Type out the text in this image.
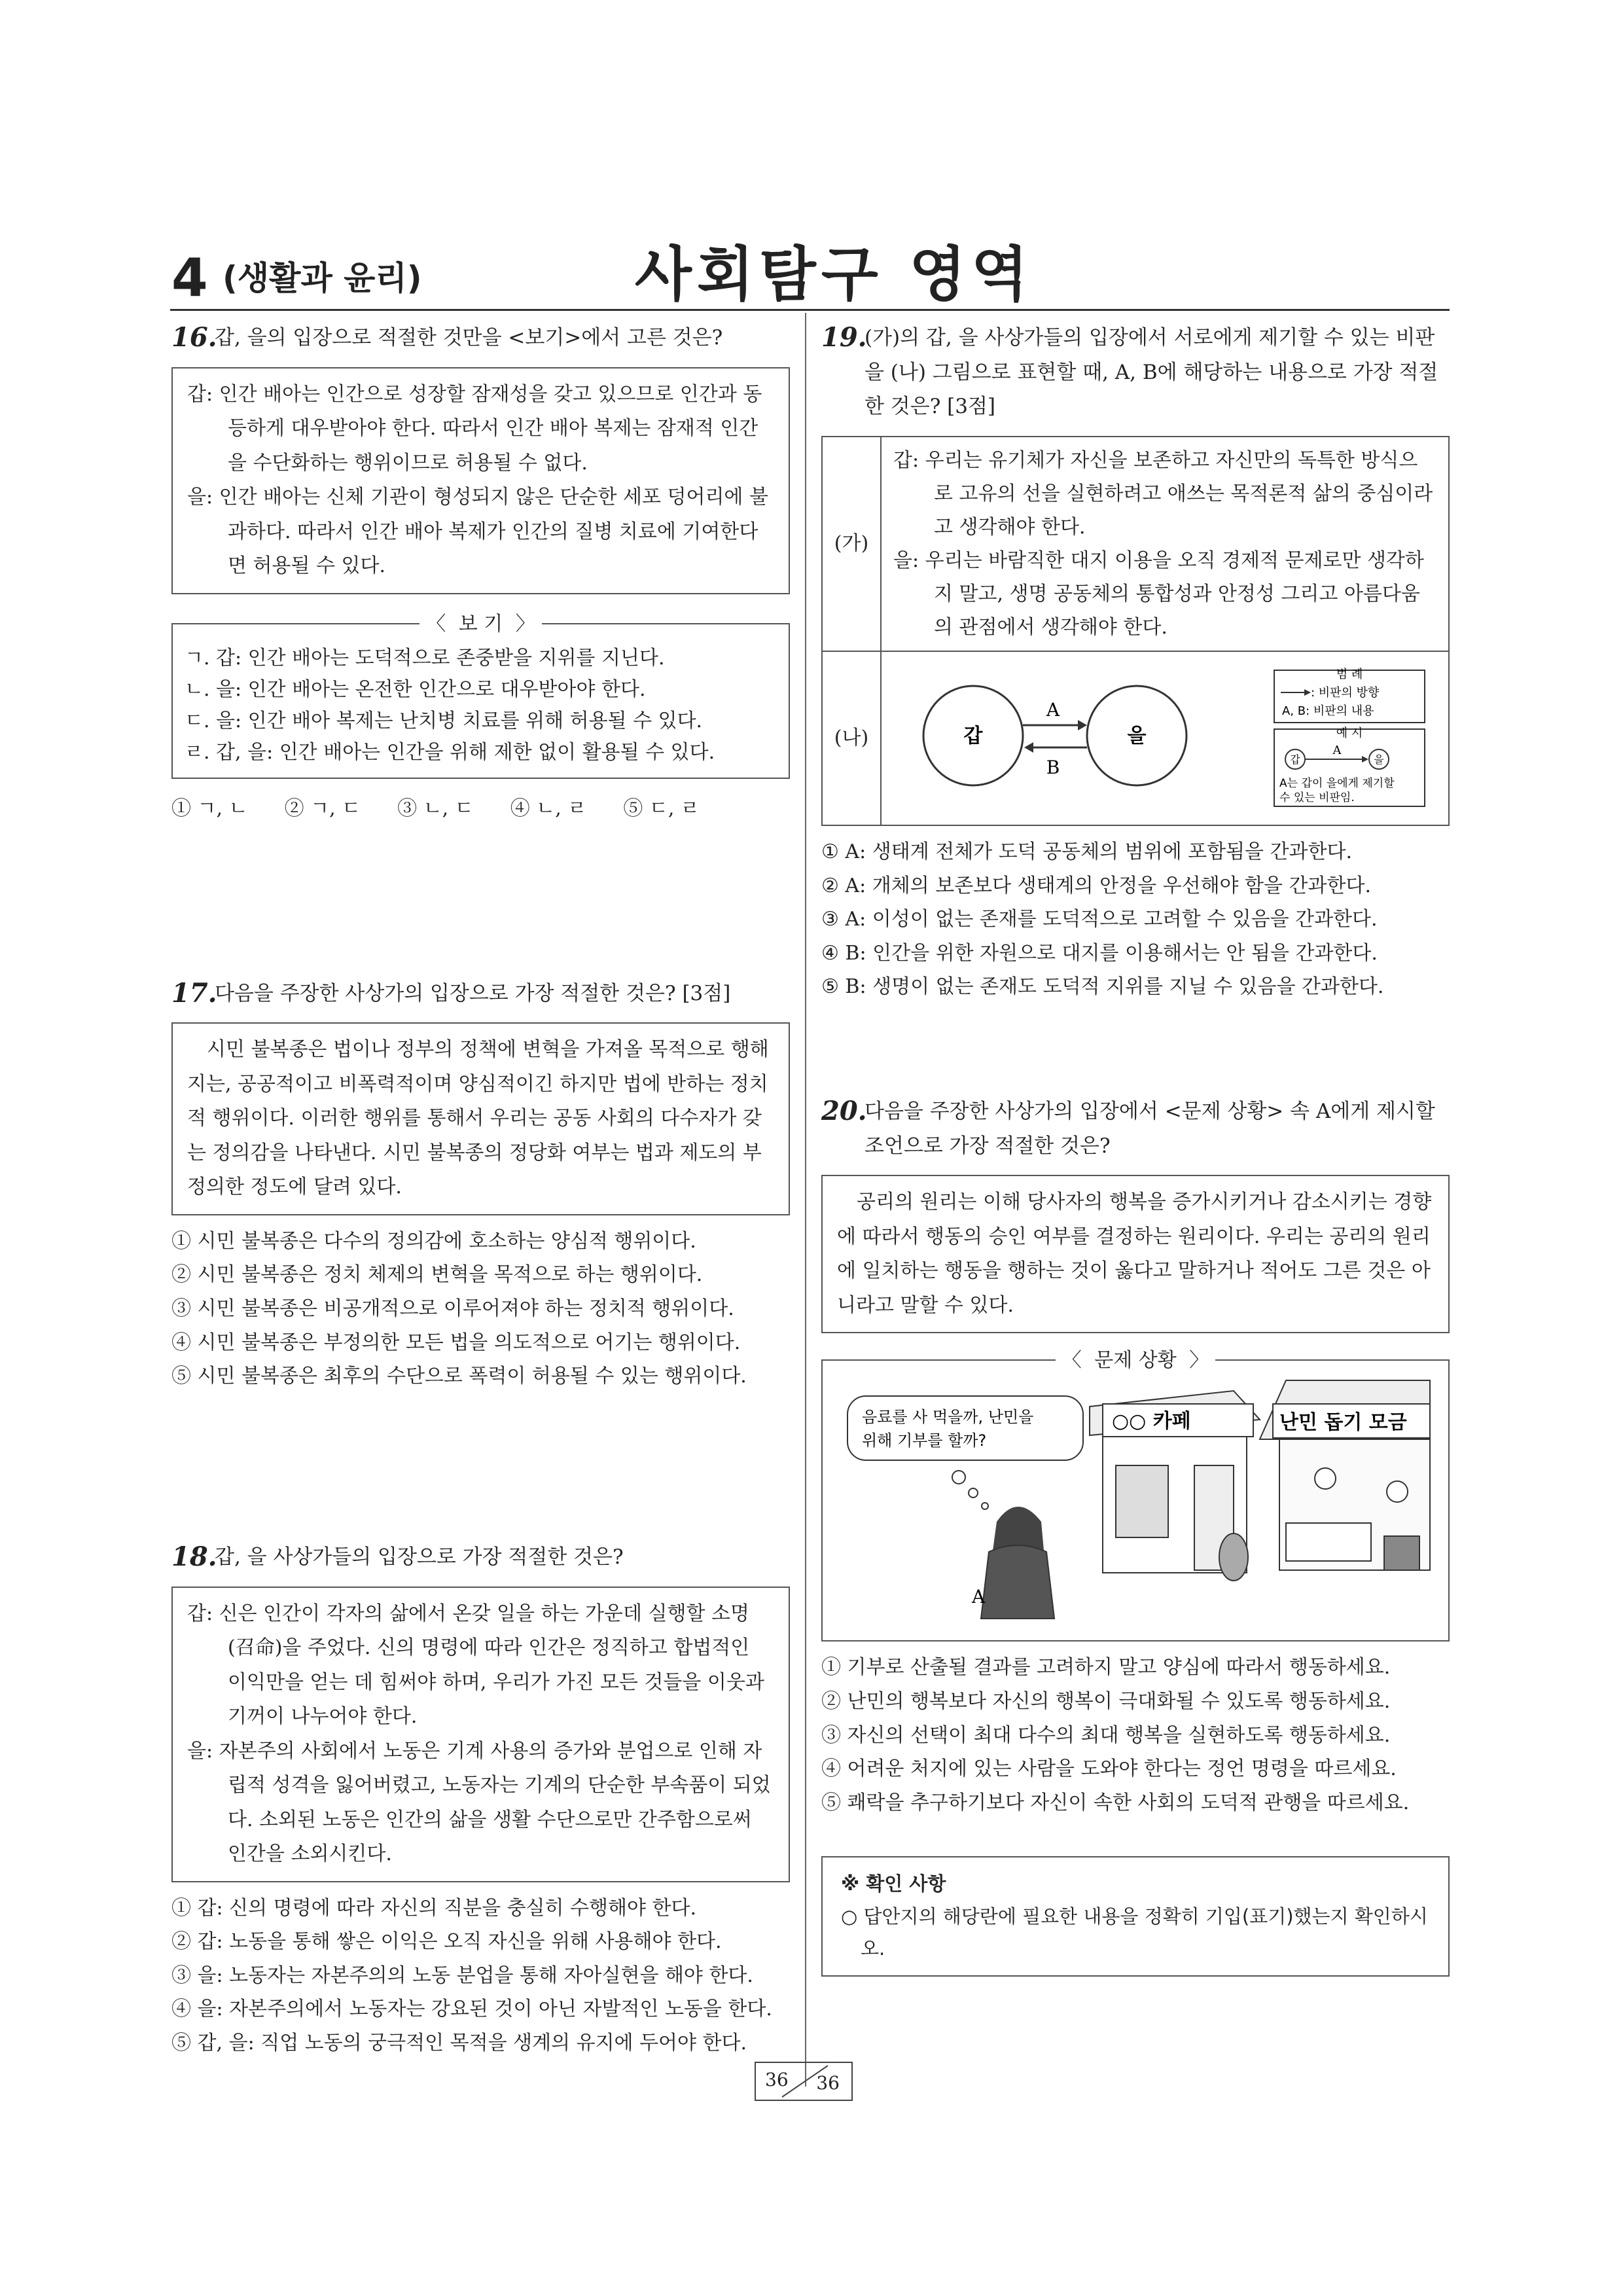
4 (생활과 윤리)	사회탐구 영역
16.
갑, 을의 입장으로 적절한 것만을 <보기>에서 고른 것은?
갑: 인간 배아는 인간으로 성장할 잠재성을 갖고 있으므로 인간과 동등하게 대우받아야 한다. 따라서 인간 배아 복제는 잠재적 인간을 수단화하는 행위이므로 허용될 수 없다.
을: 인간 배아는 신체 기관이 형성되지 않은 단순한 세포 덩어리에 불과하다. 따라서 인간 배아 복제가 인간의 질병 치료에 기여한다면 허용될 수 있다.
〈 보 기 〉
ㄱ. 갑: 인간 배아는 도덕적으로 존중받을 지위를 지닌다.
ㄴ. 을: 인간 배아는 온전한 인간으로 대우받아야 한다.
ㄷ. 을: 인간 배아 복제는 난치병 치료를 위해 허용될 수 있다.
ㄹ. 갑, 을: 인간 배아는 인간을 위해 제한 없이 활용될 수 있다.
① ㄱ, ㄴ ② ㄱ, ㄷ ③ ㄴ, ㄷ ④ ㄴ, ㄹ ⑤ ㄷ, ㄹ
17.
다음을 주장한 사상가의 입장으로 가장 적절한 것은? [3점]
시민 불복종은 법이나 정부의 정책에 변혁을 가져올 목적으로 행해지는, 공공적이고 비폭력적이며 양심적이긴 하지만 법에 반하는 정치적 행위이다. 이러한 행위를 통해서 우리는 공동 사회의 다수자가 갖는 정의감을 나타낸다. 시민 불복종의 정당화 여부는 법과 제도의 부정의한 정도에 달려 있다.
① 시민 불복종은 다수의 정의감에 호소하는 양심적 행위이다.
② 시민 불복종은 정치 체제의 변혁을 목적으로 하는 행위이다.
③ 시민 불복종은 비공개적으로 이루어져야 하는 정치적 행위이다.
④ 시민 불복종은 부정의한 모든 법을 의도적으로 어기는 행위이다.
⑤ 시민 불복종은 최후의 수단으로 폭력이 허용될 수 있는 행위이다.
18.
갑, 을 사상가들의 입장으로 가장 적절한 것은?
갑: 신은 인간이 각자의 삶에서 온갖 일을 하는 가운데 실행할 소명(召命)을 주었다. 신의 명령에 따라 인간은 정직하고 합법적인 이익만을 얻는 데 힘써야 하며, 우리가 가진 모든 것들을 이웃과 기꺼이 나누어야 한다.
을: 자본주의 사회에서 노동은 기계 사용의 증가와 분업으로 인해 자립적 성격을 잃어버렸고, 노동자는 기계의 단순한 부속품이 되었다. 소외된 노동은 인간의 삶을 생활 수단으로만 간주함으로써 인간을 소외시킨다.
① 갑: 신의 명령에 따라 자신의 직분을 충실히 수행해야 한다.
② 갑: 노동을 통해 쌓은 이익은 오직 자신을 위해 사용해야 한다.
③ 을: 노동자는 자본주의의 노동 분업을 통해 자아실현을 해야 한다.
④ 을: 자본주의에서 노동자는 강요된 것이 아닌 자발적인 노동을 한다.
⑤ 갑, 을: 직업 노동의 궁극적인 목적을 생계의 유지에 두어야 한다.
19.
(가)의 갑, 을 사상가들의 입장에서 서로에게 제기할 수 있는 비판을 (나) 그림으로 표현할 때, A, B에 해당하는 내용으로 가장 적절한 것은? [3점]
(가)
갑: 우리는 유기체가 자신을 보존하고 자신만의 독특한 방식으로 고유의 선을 실현하려고 애쓰는 목적론적 삶의 중심이라고 생각해야 한다.
을: 우리는 바람직한 대지 이용을 오직 경제적 문제로만 생각하지 말고, 생명 공동체의 통합성과 안정성 그리고 아름다움의 관점에서 생각해야 한다.
(나)	갑	을
A
B
범 례
: 비판의 방향
A, B: 비판의 내용
예 시
갑	을
A
A는 갑이 을에게 제기할
수 있는 비판임.
① A: 생태계 전체가 도덕 공동체의 범위에 포함됨을 간과한다.
② A: 개체의 보존보다 생태계의 안정을 우선해야 함을 간과한다.
③ A: 이성이 없는 존재를 도덕적으로 고려할 수 있음을 간과한다.
④ B: 인간을 위한 자원으로 대지를 이용해서는 안 됨을 간과한다.
⑤ B: 생명이 없는 존재도 도덕적 지위를 지닐 수 있음을 간과한다.
20.
다음을 주장한 사상가의 입장에서 <문제 상황> 속 A에게 제시할 조언으로 가장 적절한 것은?
공리의 원리는 이해 당사자의 행복을 증가시키거나 감소시키는 경향에 따라서 행동의 승인 여부를 결정하는 원리이다. 우리는 공리의 원리에 일치하는 행동을 행하는 것이 옳다고 말하거나 적어도 그른 것은 아니라고 말할 수 있다.
〈 문제 상황 〉
음료를 사 먹을까, 난민을
위해 기부를 할까?
○○ 카페	난민 돕기 모금
A
① 기부로 산출될 결과를 고려하지 말고 양심에 따라서 행동하세요.
② 난민의 행복보다 자신의 행복이 극대화될 수 있도록 행동하세요.
③ 자신의 선택이 최대 다수의 최대 행복을 실현하도록 행동하세요.
④ 어려운 처지에 있는 사람을 도와야 한다는 정언 명령을 따르세요.
⑤ 쾌락을 추구하기보다 자신이 속한 사회의 도덕적 관행을 따르세요.
※ 확인 사항
○ 답안지의 해당란에 필요한 내용을 정확히 기입(표기)했는지 확인하시오.
36 36
